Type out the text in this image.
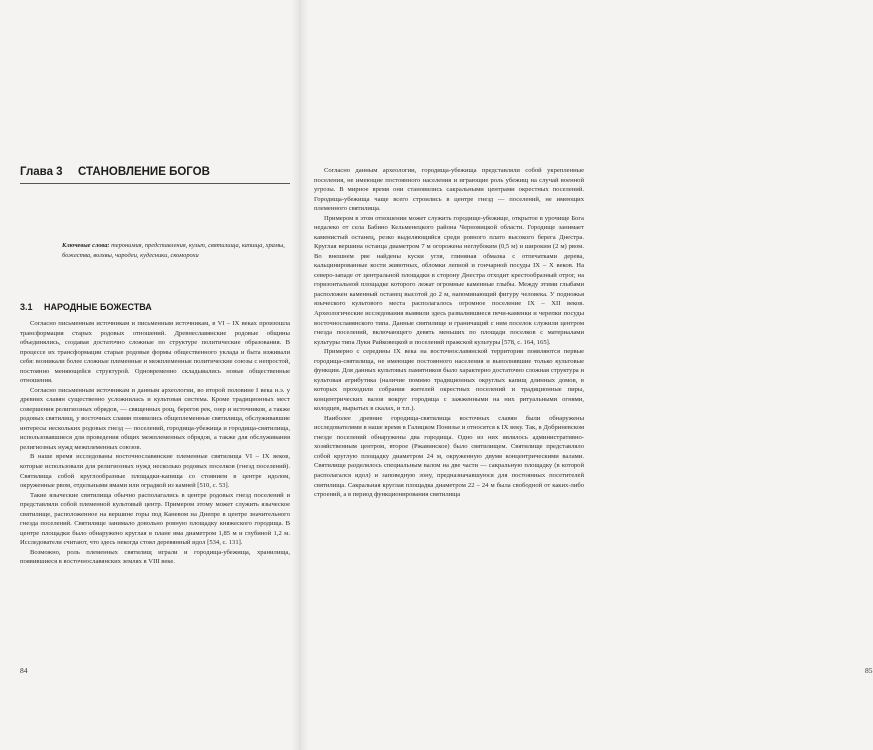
Глава 3 СТАНОВЛЕНИЕ БОГОВ
Ключевые слова: теронимия, представления, культ, святилища, капища, храмы, божества, волхвы, чародеи, кудесники, скоморохи
3.1 НАРОДНЫЕ БОЖЕСТВА

Согласно письменным источникам и письменным источникам, в VI – IX веках произошла трансформация старых родовых отношений. Древнеславянские родовые общины объединялись, создавая достаточно сложные по структуре политические образования. В процессе их трансформации старые родовые формы общественного уклада и быта изживали себя: возникали более сложные племенные и межплеменные политические союзы с непростой, постоянно меняющейся структурой. Одновременно складывались новые общественные отношения.

Согласно письменным источникам и данным археологии, во второй половине I века н.э. у древних славян существенно усложнилась и культовая система. Кроме традиционных мест совершения религиозных обрядов, — священных рощ, берегов рек, озер и источников, а также родовых святилищ, у восточных славян появились общеплеменные святилища, обслуживавшие интересы нескольких родовых гнезд — поселений, городища-убежища и городища-святилища, использовавшиеся для проведения общих межплеменных обрядов, а также для обслуживания религиозных нужд межплеменных союзов.

В наше время исследованы восточнославянские племенные святилища VI – IX веков, которые использовали для религиозных нужд несколько родовых поселков (гнезд поселений). Святилища собой круглообразные площадки-капища со стоянием в центре идолом, окруженные рвом, отдельными ямами или оградкой из камней [510, с. 53].

Такие языческие святилища обычно располагались в центре родовых гнезд поселений и представляли собой племенной культовый центр. Примером этому может служить языческое святилище, расположенное на вершине горы под Каневом на Днепре в центре значительного гнезда поселений. Святилище занимало довольно ровную площадку княжеского городища. В центре площадки было обнаружено круглая в плане яма диаметром 1,85 м и глубиной 1,2 м. Исследователи считают, что здесь некогда стоял деревянный идол [534, с. 131].

Возможно, роль племенных святилищ играли и городища-убежища, хранилища, появившиеся в восточнославянских землях в VIII веке.

84	85

Согласно данным археологии, городища-убежища представляли собой укрепленные поселения, не имеющие постоянного населения и играющие роль убежищ на случай военной угрозы. В мирное время они становились сакральными центрами окрестных поселений. Городища-убежища чаще всего строились в центре гнезд — поселений, не имеющих племенного святилища.

Примером в этом отношении может служить городище-убежище, открытое в урочище Бога недалеко от села Бабино Кельменецкого района Черновицкой области. Городище занимает каменистый останец, резко выделяющийся среди ровного плато высокого берега Днестра. Круглая вершина останца диаметром 7 м огорожена неглубоким (0,5 м) и широким (2 м) рвом. Во внешнем рве найдены куски угля, глиняная обмазка с отпечатками дерева, кальцинированные кости животных, обломки лепной и гончарной посуды IX – X веков. На северо-западе от центральной площадки в сторону Днестра отходит крестообразный отрог, на горизонтальной площадке которого лежат огромные каменные глыбы. Между этими глыбами расположен каменный останец высотой до 2 м, напоминающий фигуру человека. У подножья языческого культового места располагалось огромное поселение IX – XII веков. Археологические исследования выявили здесь развалившиеся печи-каменки и черепки посуды восточнославянского типа. Данные святилище и граничащий с ним поселок служили центром гнезда поселений, включающего девять меньших по площади поселков с материалами культуры типа Луки Райковецкой и поселений пражской культуры [578, с. 164, 165].

Примерно с середины IX века на восточнославянской территории появляются первые городища-святилища, не имеющие постоянного населения и выполнявшие только культовые функции. Для данных культовых памятников было характерно достаточно сложная структура и культовая атрибутика (наличие помимо традиционных округлых капищ длинных домов, в которых проходили собрания жителей окрестных поселений и традиционные пиры, концентрических валов вокруг городища с зажженными на них ритуальными огнями, колодцев, вырытых в скалах, и т.п.).

Наиболее древние городища-святилища восточных славян были обнаружены исследователями в наше время в Галицком Понизье и относятся к IX веку. Так, в Добриневском гнезде поселений обнаружены два городища. Одно из них являлось административно-хозяйственным центром, второе (Ржавинское) было святилищем. Святилище представляло собой круглую площадку диаметром 24 м, окруженную двумя концентрическими валами. Святилище разделялось специальным валом на две части — сакральную площадку (в которой располагался идол) и заповедную зону, предназначавшуюся для постоянных посетителей святилища. Сакральная круглая площадка диаметром 22 – 24 м была свободной от каких-либо строений, а в период функционирования святилища
